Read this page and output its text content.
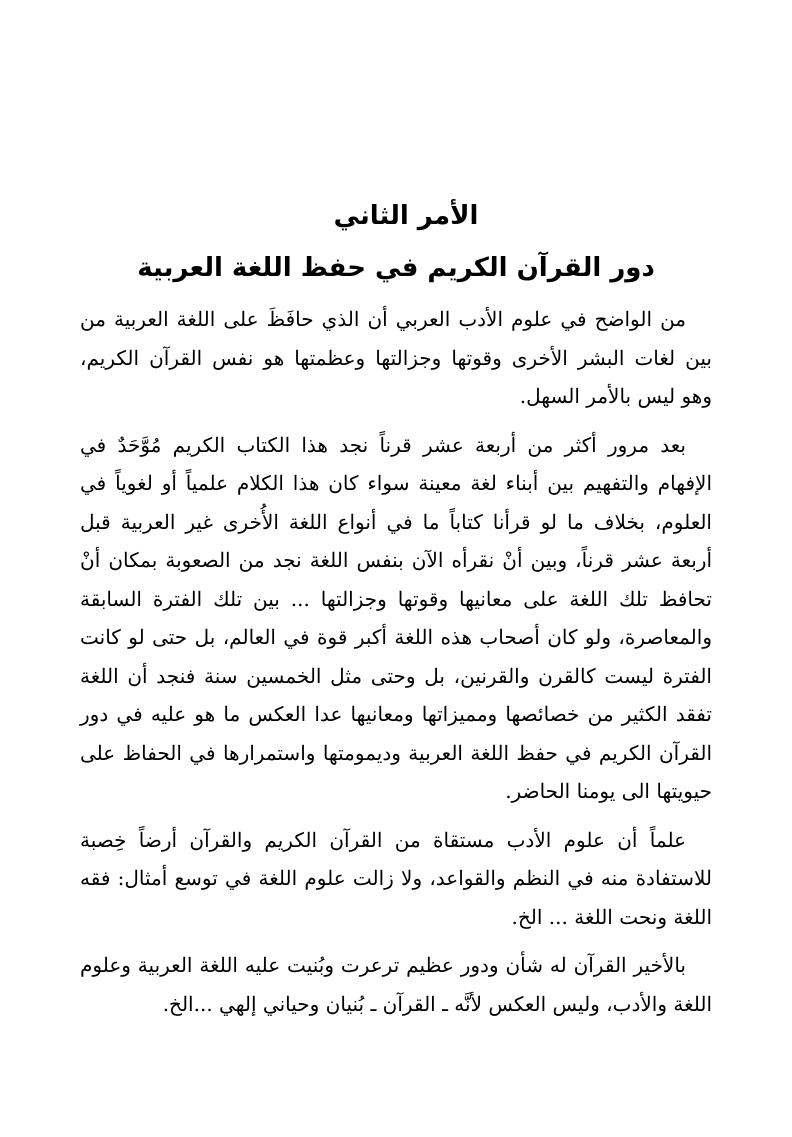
الأمر الثاني
دور القرآن الكريم في حفظ اللغة العربية

من الواضح في علوم الأدب العربي أن الذي حافَظَ على اللغة العربية من بين لغات البشر الأخرى وقوتها وجزالتها وعظمتها هو نفس القرآن الكريم، وهو ليس بالأمر السهل.

بعد مرور أكثر من أربعة عشر قرناً نجد هذا الكتاب الكريم مُوَّحَدٌ في الإفهام والتفهيم بين أبناء لغة معينة سواء كان هذا الكلام علمياً أو لغوياً في العلوم، بخلاف ما لو قرأنا كتاباً ما في أنواع اللغة الأُخرى غير العربية قبل أربعة عشر قرناً، وبين أنْ نقرأه الآن بنفس اللغة نجد من الصعوبة بمكان أنْ تحافظ تلك اللغة على معانيها وقوتها وجزالتها ... بين تلك الفترة السابقة والمعاصرة، ولو كان أصحاب هذه اللغة أكبر قوة في العالم، بل حتى لو كانت الفترة ليست كالقرن والقرنين، بل وحتى مثل الخمسين سنة فنجد أن اللغة تفقد الكثير من خصائصها ومميزاتها ومعانيها عدا العكس ما هو عليه في دور القرآن الكريم في حفظ اللغة العربية وديمومتها واستمرارها في الحفاظ على حيويتها الى يومنا الحاضر.

علماً أن علوم الأدب مستقاة من القرآن الكريم والقرآن أرضاً خِصبة للاستفادة منه في النظم والقواعد، ولا زالت علوم اللغة في توسع أمثال: فقه اللغة ونحت اللغة ... الخ.

بالأخير القرآن له شأن ودور عظيم ترعرت وبُنيت عليه اللغة العربية وعلوم اللغة والأدب، وليس العكس لأنَّه ـ القرآن ـ بُنيان وحياني إلهي ...الخ.
